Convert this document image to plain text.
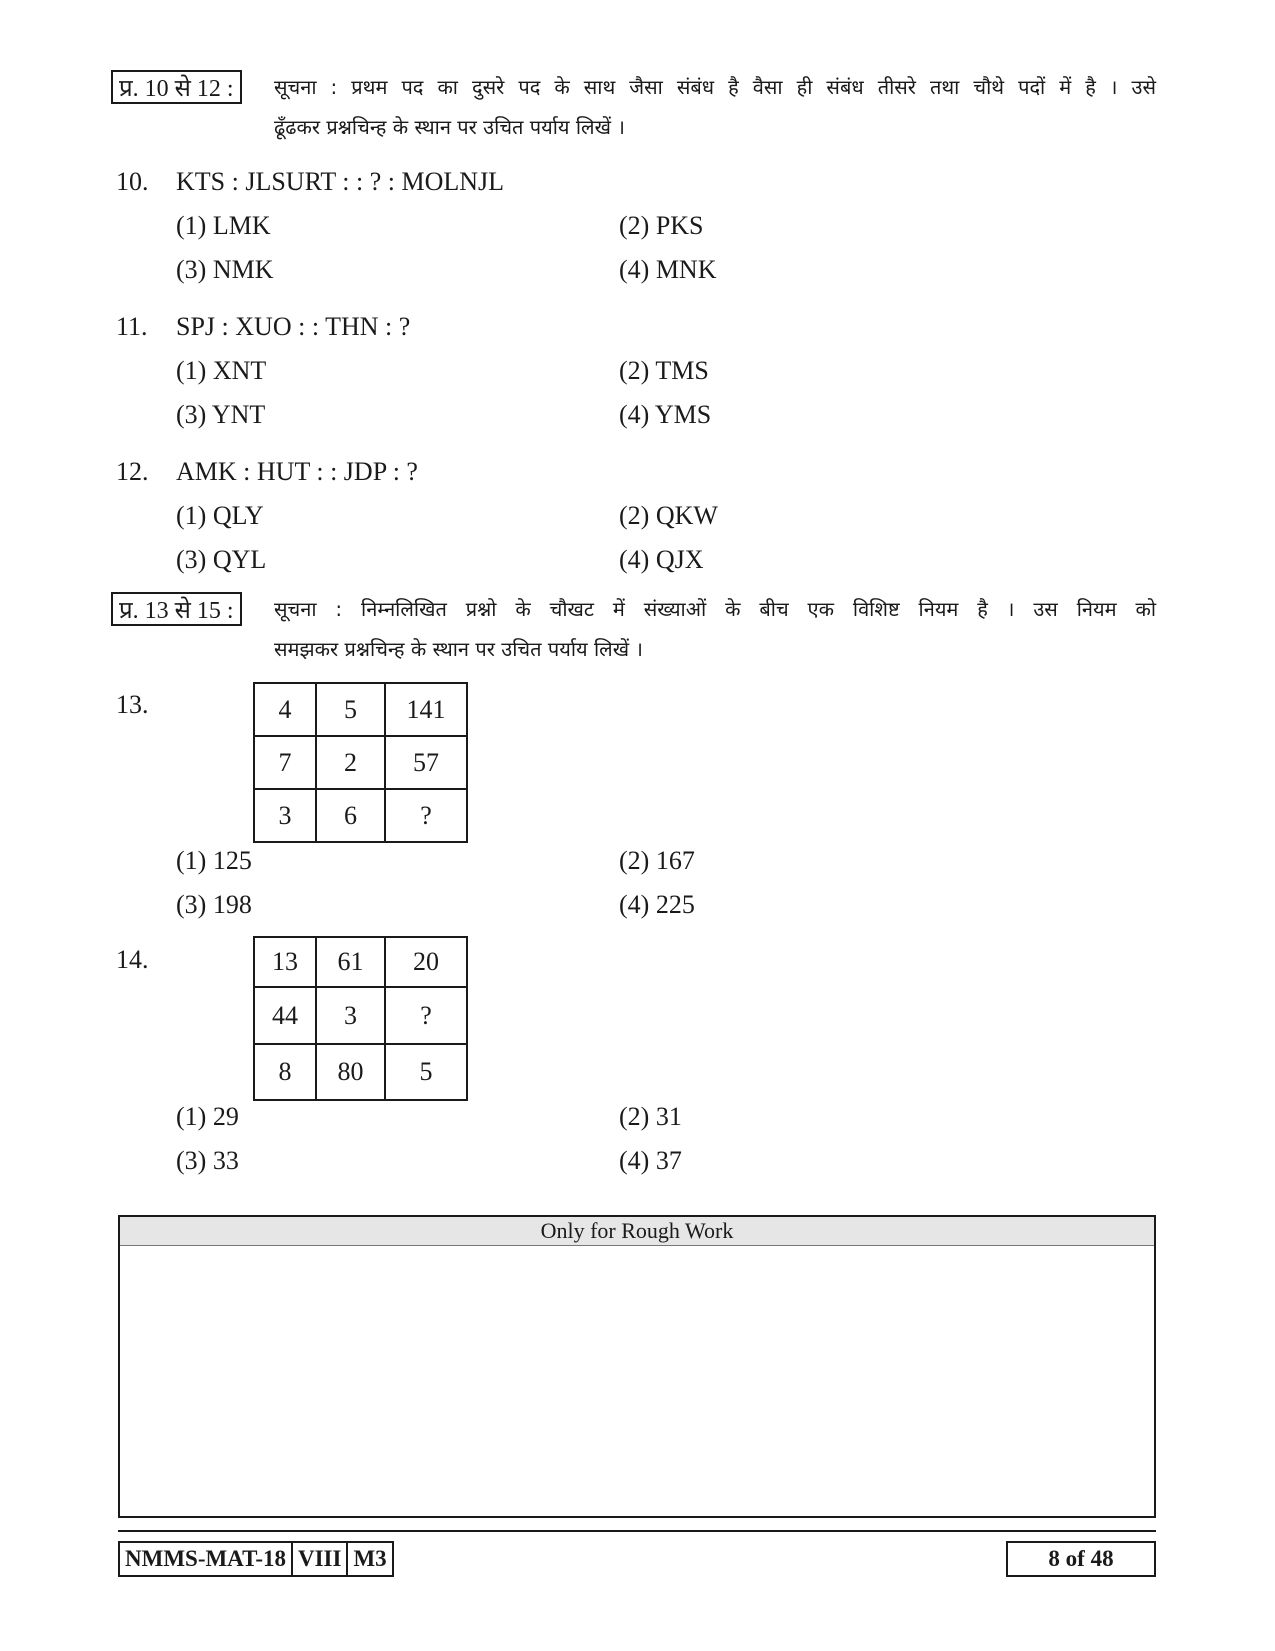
प्र. 10 से 12 :	सूचना : प्रथम पद का दुसरे पद के साथ जैसा संबंध है वैसा ही संबंध तीसरे तथा चौथे पदों में है । उसे
ढूँढकर प्रश्नचिन्ह के स्थान पर उचित पर्याय लिखें ।
10. KTS : JLSURT : : ? : MOLNJL
(1) LMK	(2) PKS
(3) NMK	(4) MNK
11. SPJ : XUO : : THN : ?
(1) XNT	(2) TMS
(3) YNT	(4) YMS
12. AMK : HUT : : JDP : ?
(1) QLY	(2) QKW
(3) QYL	(4) QJX
प्र. 13 से 15 :	सूचना : निम्नलिखित प्रश्नो के चौखट में संख्याओं के बीच एक विशिष्ट नियम है । उस नियम को
समझकर प्रश्नचिन्ह के स्थान पर उचित पर्याय लिखें ।
13.	4	5	141
7	2	57
3	6	?
(1) 125	(2) 167
(3) 198	(4) 225
14.	13	61	20
44	3	?
8	80	5
(1) 29	(2) 31
(3) 33	(4) 37
Only for Rough Work
NMMS-MAT-18 VIII M3	8 of 48
